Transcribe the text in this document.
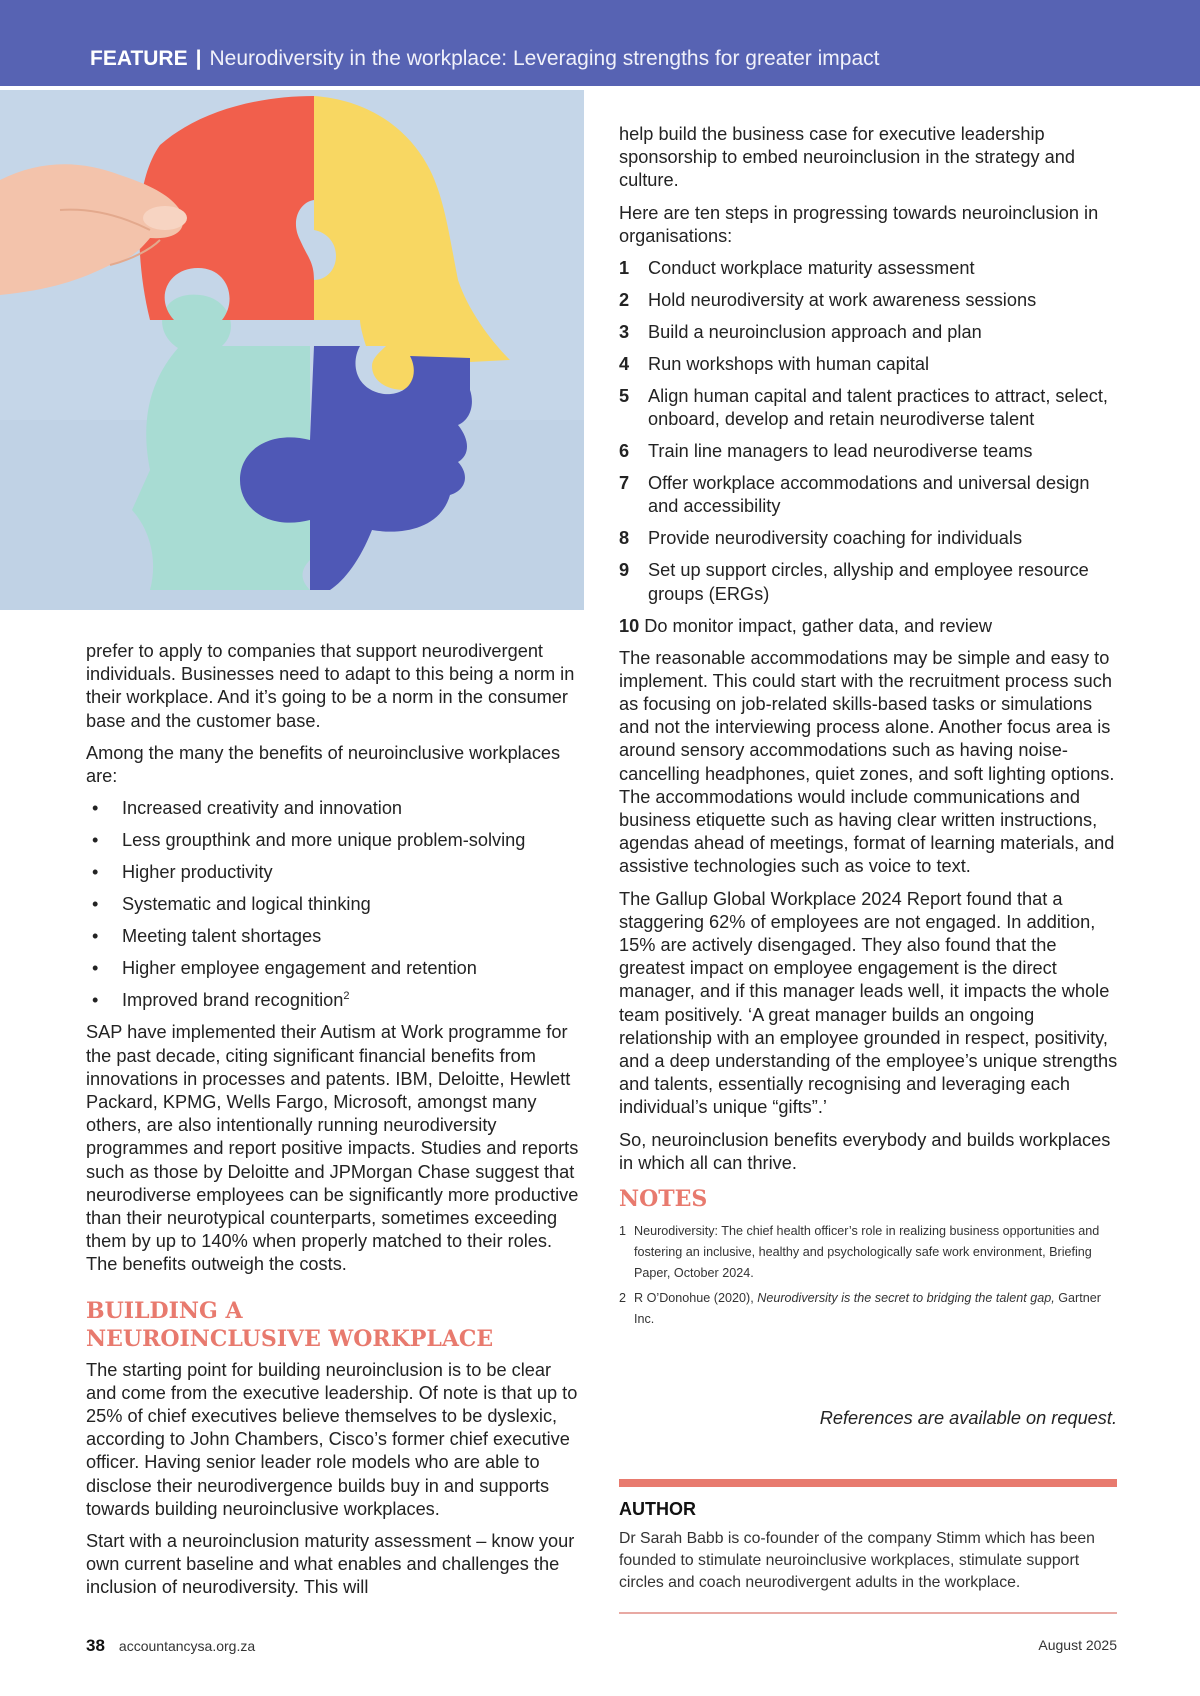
FEATURE | Neurodiversity in the workplace: Leveraging strengths for greater impact

prefer to apply to companies that support neurodivergent individuals. Businesses need to adapt to this being a norm in their workplace. And it’s going to be a norm in the consumer base and the customer base.

Among the many the benefits of neuroinclusive workplaces are:

• Increased creativity and innovation
• Less groupthink and more unique problem-solving
• Higher productivity
• Systematic and logical thinking
• Meeting talent shortages
• Higher employee engagement and retention
• Improved brand recognition$^2$

SAP have implemented their Autism at Work programme for the past decade, citing significant financial benefits from innovations in processes and patents. IBM, Deloitte, Hewlett Packard, KPMG, Wells Fargo, Microsoft, amongst many others, are also intentionally running neurodiversity programmes and report positive impacts. Studies and reports such as those by Deloitte and JPMorgan Chase suggest that neurodiverse employees can be significantly more productive than their neurotypical counterparts, sometimes exceeding them by up to 140% when properly matched to their roles. The benefits outweigh the costs.

BUILDING A
NEUROINCLUSIVE WORKPLACE

The starting point for building neuroinclusion is to be clear and come from the executive leadership. Of note is that up to 25% of chief executives believe themselves to be dyslexic, according to John Chambers, Cisco’s former chief executive officer. Having senior leader role models who are able to disclose their neurodivergence builds buy in and supports towards building neuroinclusive workplaces.

Start with a neuroinclusion maturity assessment – know your own current baseline and what enables and challenges the inclusion of neurodiversity. This will

help build the business case for executive leadership sponsorship to embed neuroinclusion in the strategy and culture.

Here are ten steps in progressing towards neuroinclusion in organisations:

1 Conduct workplace maturity assessment
2 Hold neurodiversity at work awareness sessions
3 Build a neuroinclusion approach and plan
4 Run workshops with human capital
5 Align human capital and talent practices to attract, select, onboard, develop and retain neurodiverse talent
6 Train line managers to lead neurodiverse teams
7 Offer workplace accommodations and universal design and accessibility
8 Provide neurodiversity coaching for individuals
9 Set up support circles, allyship and employee resource groups (ERGs)
10 Do monitor impact, gather data, and review

The reasonable accommodations may be simple and easy to implement. This could start with the recruitment process such as focusing on job-related skills-based tasks or simulations and not the interviewing process alone. Another focus area is around sensory accommodations such as having noise-cancelling headphones, quiet zones, and soft lighting options. The accommodations would include communications and business etiquette such as having clear written instructions, agendas ahead of meetings, format of learning materials, and assistive technologies such as voice to text.

The Gallup Global Workplace 2024 Report found that a staggering 62% of employees are not engaged. In addition, 15% are actively disengaged. They also found that the greatest impact on employee engagement is the direct manager, and if this manager leads well, it impacts the whole team positively. ‘A great manager builds an ongoing relationship with an employee grounded in respect, positivity, and a deep understanding of the employee’s unique strengths and talents, essentially recognising and leveraging each individual’s unique “gifts”.’

So, neuroinclusion benefits everybody and builds workplaces in which all can thrive.

NOTES
1 Neurodiversity: The chief health officer’s role in realizing business opportunities and fostering an inclusive, healthy and psychologically safe work environment, Briefing Paper, October 2024.
2 R O’Donohue (2020), Neurodiversity is the secret to bridging the talent gap, Gartner Inc.
References are available on request.
AUTHOR
Dr Sarah Babb is co-founder of the company Stimm which has been founded to stimulate neuroinclusive workplaces, stimulate support circles and coach neurodivergent adults in the workplace.
38 accountancysa.org.za	August 2025
